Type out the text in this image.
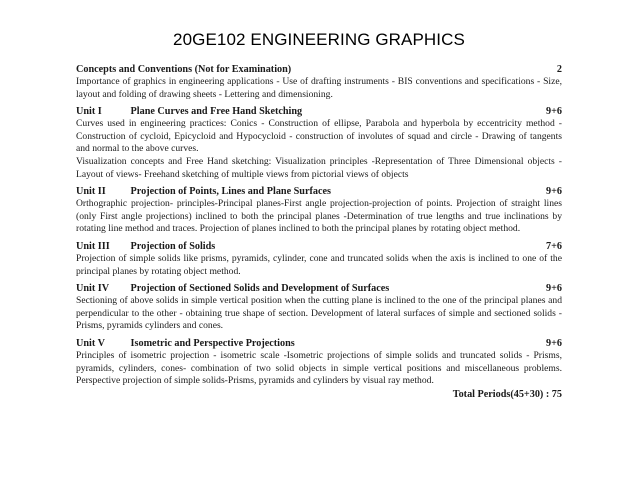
20GE102 ENGINEERING GRAPHICS
Concepts and Conventions (Not for Examination)	2
Importance of graphics in engineering applications - Use of drafting instruments - BIS conventions and specifications - Size, layout and folding of drawing sheets - Lettering and dimensioning.
Unit I	Plane Curves and Free Hand Sketching	9+6
Curves used in engineering practices: Conics - Construction of ellipse, Parabola and hyperbola by eccentricity method - Construction of cycloid, Epicycloid and Hypocycloid - construction of involutes of squad and circle - Drawing of tangents and normal to the above curves.
Visualization concepts and Free Hand sketching: Visualization principles -Representation of Three Dimensional objects - Layout of views- Freehand sketching of multiple views from pictorial views of objects
Unit II Projection of Points, Lines and Plane Surfaces	9+6
Orthographic projection- principles-Principal planes-First angle projection-projection of points. Projection of straight lines (only First angle projections) inclined to both the principal planes -Determination of true lengths and true inclinations by rotating line method and traces. Projection of planes inclined to both the principal planes by rotating object method.
Unit III Projection of Solids	7+6
Projection of simple solids like prisms, pyramids, cylinder, cone and truncated solids when the axis is inclined to one of the principal planes by rotating object method.
Unit IV Projection of Sectioned Solids and Development of Surfaces	9+6
Sectioning of above solids in simple vertical position when the cutting plane is inclined to the one of the principal planes and perpendicular to the other - obtaining true shape of section. Development of lateral surfaces of simple and sectioned solids - Prisms, pyramids cylinders and cones.
Unit V	Isometric and Perspective Projections	9+6
Principles of isometric projection - isometric scale -Isometric projections of simple solids and truncated solids - Prisms, pyramids, cylinders, cones- combination of two solid objects in simple vertical positions and miscellaneous problems. Perspective projection of simple solids-Prisms, pyramids and cylinders by visual ray method.
Total Periods(45+30) : 75
